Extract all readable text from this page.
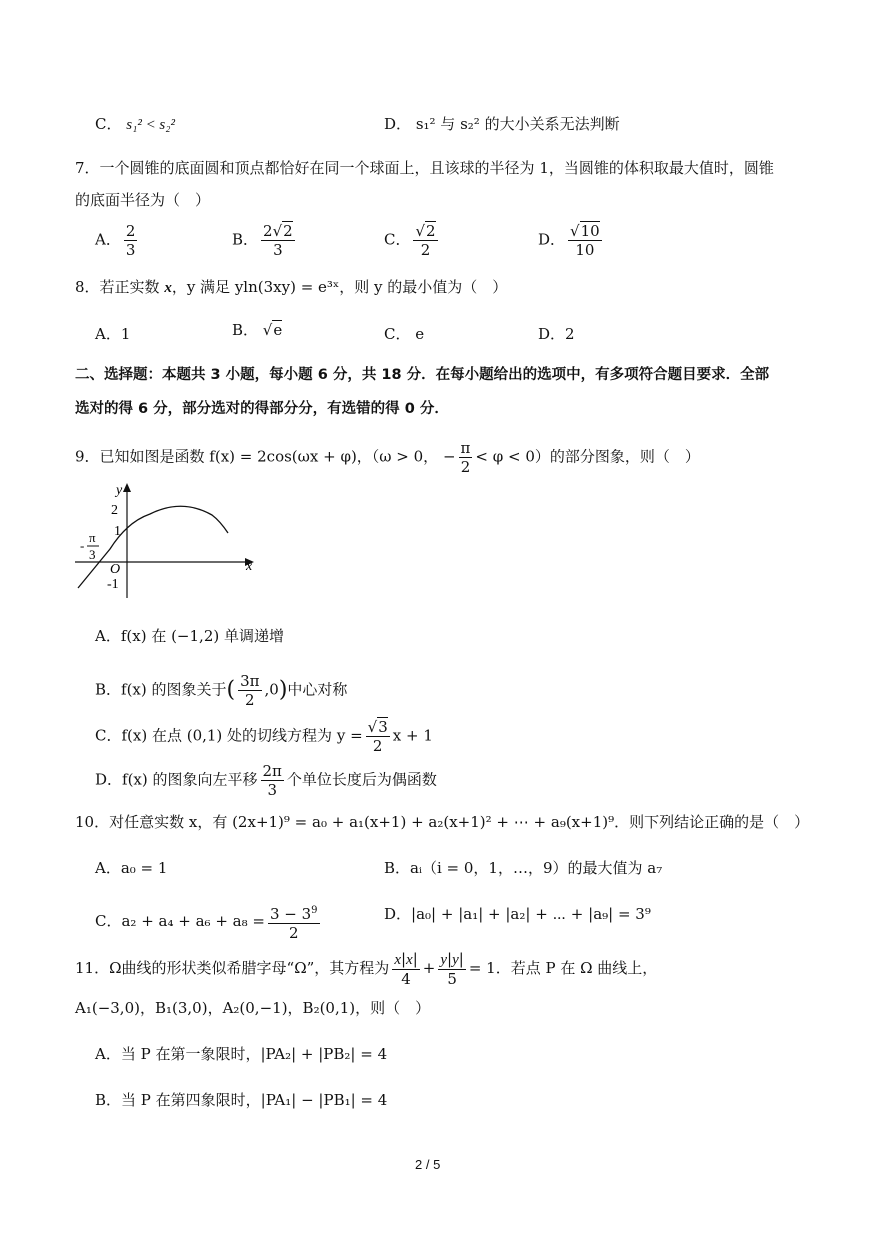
C． s₁² < s₂²	D． s₁² 与 s₂² 的大小关系无法判断
7．一个圆锥的底面圆和顶点都恰好在同一个球面上，且该球的半径为 1，当圆锥的体积取最大值时，圆锥
的底面半径为（　）
A． $\frac{2}{3}$	B． $\frac{2√2}{3}$	C． $\frac{√2}{2}$	D． $\frac{√10}{10}$
8．若正实数 x，y 满足 yln(3xy) = e³ˣ，则 y 的最小值为（　）
A．1	B． √e	C． e	D．2
二、选择题：本题共 3 小题，每小题 6 分，共 18 分．在每小题给出的选项中，有多项符合题目要求．全部
选对的得 6 分，部分选对的得部分分，有选错的得 0 分．
9．已知如图是函数 f(x) = 2cos(ωx + φ)，（ω > 0， − $\frac{\pi}{2} < \varphi < 0$）的部分图象，则（　）
y
x
2
1
-1
O
-
π
3
A．f(x) 在 (−1,2) 单调递增
B．f(x) 的图象关于( $\frac{3\pi}{2} ,0$)中心对称
C．f(x) 在点 (0,1) 处的切线方程为 $y = \frac{√3}{2}$ x + 1
D．f(x) 的图象向左平移 $\frac{2\pi}{3}$ 个单位长度后为偶函数
10．对任意实数 x，有 (2x+1)⁹ = a₀ + a₁(x+1) + a₂(x+1)² + ⋯ + a₉(x+1)⁹．则下列结论正确的是（　）
A．a₀ = 1	B．aᵢ（i = 0，1，…，9）的最大值为 a₇
C．$a_2 + a_4 + a_6 + a_8 = \frac{3 - 3^9}{2}$	D．|a₀| + |a₁| + |a₂| + ⋯ + |a₉| = 3⁹
11．Ω曲线的形状类似希腊字母“Ω”，其方程为 $\frac{x|x|}{4} + \frac{y|y|}{5} = 1$．若点 P 在 Ω 曲线上，
A₁(−3,0)，B₁(3,0)，A₂(0,−1)，B₂(0,1)，则（　）
A．当 P 在第一象限时，|PA₂| + |PB₂| = 4
B．当 P 在第四象限时，|PA₁| − |PB₁| = 4
2 / 5
